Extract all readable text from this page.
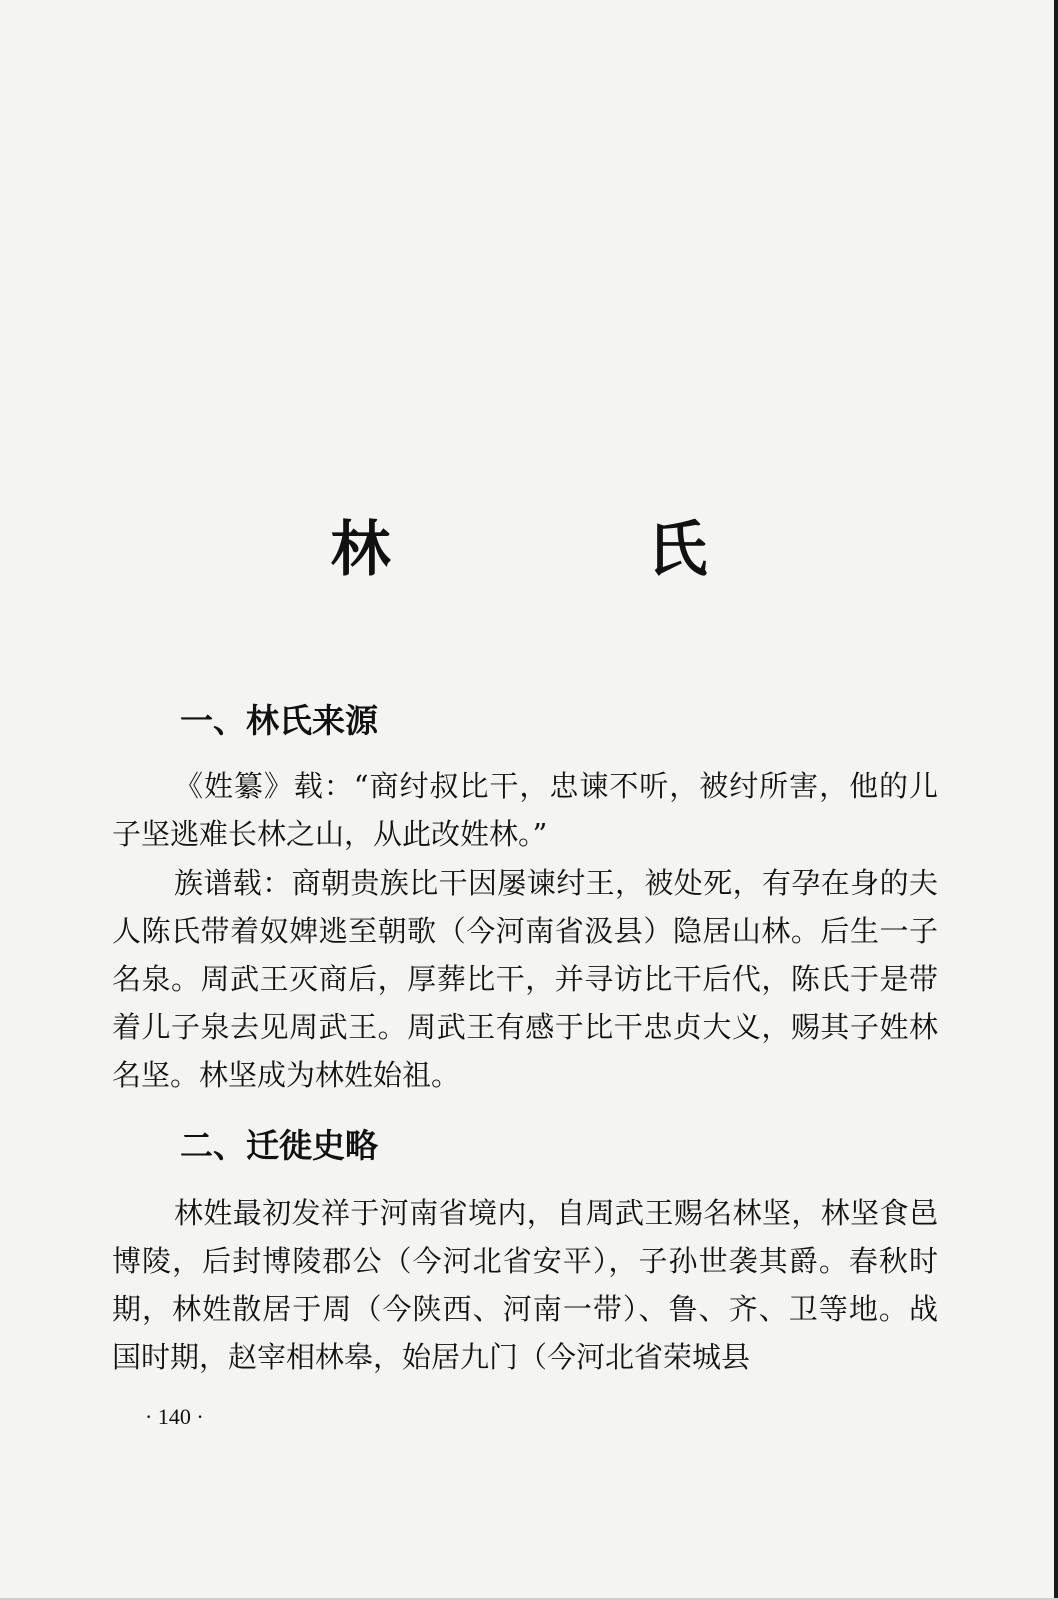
林 氏
一、林氏来源
《姓纂》载：“商纣叔比干，忠谏不听，被纣所害，他的儿子坚逃难长林之山，从此改姓林。”
族谱载：商朝贵族比干因屡谏纣王，被处死，有孕在身的夫人陈氏带着奴婢逃至朝歌（今河南省汲县）隐居山林。后生一子名泉。周武王灭商后，厚葬比干，并寻访比干后代，陈氏于是带着儿子泉去见周武王。周武王有感于比干忠贞大义，赐其子姓林名坚。林坚成为林姓始祖。
二、迁徙史略
林姓最初发祥于河南省境内，自周武王赐名林坚，林坚食邑博陵，后封博陵郡公（今河北省安平），子孙世袭其爵。春秋时期，林姓散居于周（今陕西、河南一带）、鲁、齐、卫等地。战国时期，赵宰相林皋，始居九门（今河北省荣城县
· 140 ·
